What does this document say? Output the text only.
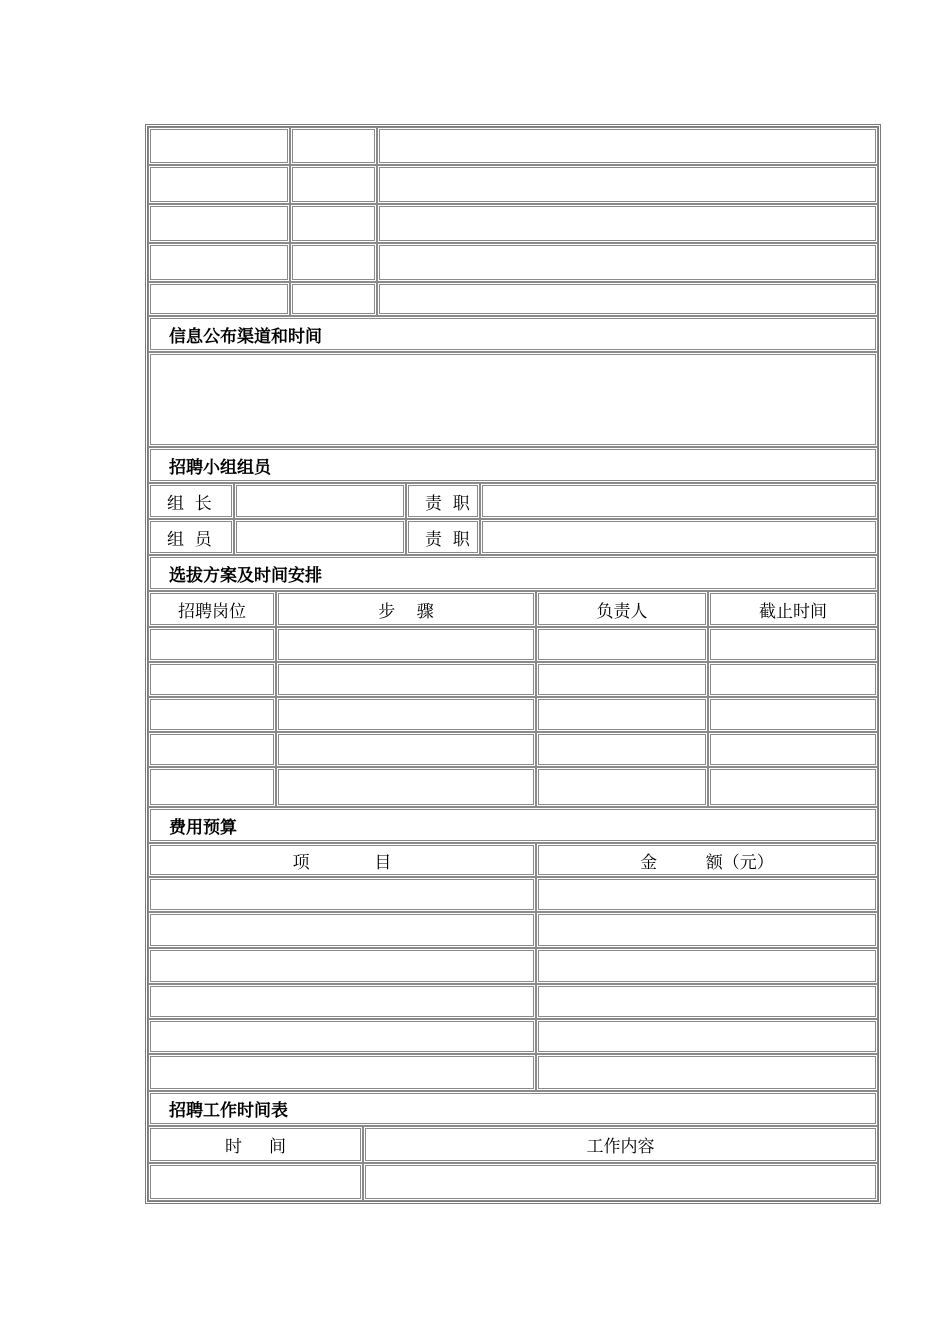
信息公布渠道和时间
招聘小组组员
组  长	责  职
组  员	责  职
选拔方案及时间安排
招聘岗位	步    骤	负责人	截止时间
费用预算
项            目	金         额（元）
招聘工作时间表
时     间	工作内容
